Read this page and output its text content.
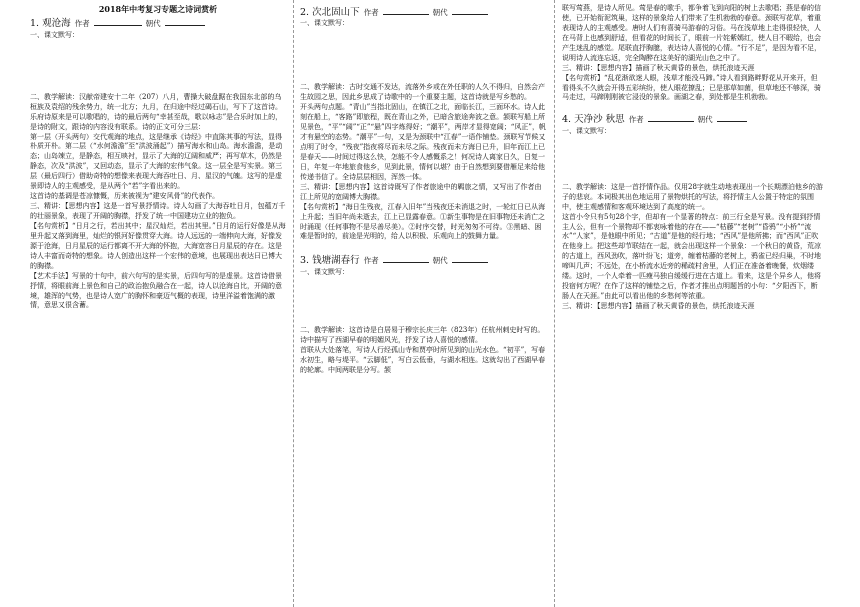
2018年中考复习专题之诗词赏析
1. 观沧海 作者	朝代

一、课文默写：

二、教学解读：汉献帝建安十二年（207）八月，曹操大破盘踞在我国东北部的乌桓族及袁绍的残余势力，统一北方；九月，在归途中经过碣石山，写下了这首诗。乐府诗原来是可以歌唱的，诗的最后两句“幸甚至哉，歌以咏志”是合乐时加上的，是诗的附文，跟诗的内容没有联系。诗的正文可分三层：

第一层（开头两句）交代观海的地点，这是继承《诗经》中直陈其事的写法，显得朴质开朴。第二层（“水何澹澹”至“洪波涌起”）描写海水和山岛。海水澹澹，是动态；山岛竦立，是静态，相互映衬，显示了大海的辽阔和威严；再写草木，仍然是静态，次及“洪波”，又回动态，显示了大海的宏伟气象。这一层全是写实景。第三层（最后四行）借助奇特的想像来表现大海吞吐日、月、星汉的气魄。这写的是虚景即诗人的主观感受，是从两个“若”字看出来的。

这首诗的基调是苍凉慷慨，历来被视为“建安风骨”的代表作。

三、精讲：【思想内容】这是一首写景抒情诗。诗人勾画了大海吞吐日月，包蕴万千的壮丽景象，表现了开阔的胸襟，抒发了统一中国建功立业的抱负。

【名句赏析】“日月之行，若出其中；星汉灿烂，若出其里。”日月的运行好像是从海里升起又落到海里，灿烂的银河好像贯穿大海。诗人远远的一端伸向大海，好像发源于沧海，日月星辰的运行都离不开大海的怀抱，大海宽容日月星辰的存在。这是诗人丰富而奇特的想象。诗人创造出这样一个宏伟的意境，也展现出表达曰已博大的胸襟。

【艺术手法】写景的十句中，前六句写的是实景，后四句写的是虚景。这首诗借景抒情，将眼前海上景色和自己的政治抱负融合在一起，诗人以沧海自比，开阔的意境，雄浑的气势，也是诗人宽广的胸怀和豪迈气概的表现，诗里洋溢着饱满的激情，意思又很含蓄。

2. 次北固山下 作者	朝代

一、课文默写：

二、教学解读：古时交通不发达，流落外乡或在外任职的人久不得归，自然会产生故园之思，因此乡思成了诗歌中的一个重要主题，这首诗就是写乡愁的。

开头两句点题。“青山”当指北固山，在镇江之北，面临长江，三面环水。诗人此刻在船上，“客路”即旅程，既在青山之外，已暗含旅途奔波之意。颔联写船上所见景色，“平”“阔”“正”“悬”四字炼得好；“潮平”，两岸才显得宽阔；“风正”，帆才有悬空的态势。“潮平”一句，又是为颈联中“江春”一语作铺垫。颈联写节候又点明了时令，“残夜”指夜将尽而未尽之际。残夜而未方海日已升，旧年而江上已是春天——时间过得这么快，怎能不令人感慨系之！何况诗人离家日久，日复一日，年复一年地旅食他乡，见到此景，情何以堪？由于自然想到要借雁足来给他传递书信了。全诗层层相因，浑然一体。

三、精讲：【思想内容】这首诗既写了作者旅途中的羁旅之情，又写出了作者由江上所见的宽阔博大胸襟。

【名句赏析】“海日生残夜，江春入旧年”当残夜还未消退之时，一轮红日已从海上升起；当旧年尚未逝去，江上已显露春意。①新生事物是在旧事物还未消亡之时涌现（任何事物不是尽善尽美）。②时序交替，时光匆匆不可待。③黑暗、困难是暂时的，前途是光明的，给人以积极、乐观向上的鼓舞力量。

3. 钱塘湖春行 作者	朝代

一、课文默写：

二、教学解读：这首诗是白居易于穆宗长庆三年（823年）任杭州刺史时写的。诗中描写了西湖早春的明媚风光，抒发了诗人喜悦的感情。

首联从大处落笔，写诗人行经孤山寺和贾亭时所见到的山光水色。“初平”，写春水初生，略与堤平。“云脚低”，写白云低垂，与湖水相连。这就勾出了西湖早春的轮廓。中间两联是分写。颔

联写莺燕，是诗人所见。莺是春的歌手，都争着飞到向阳的树上去歌唱；燕是春的信使，已开始衔泥筑巢，这样的景象给人们带来了生机勃勃的春意。颈联写花草，着重表现诗人的主观感受。唐时人们有喜骑马游春的习俗。马在浅草地上走得很轻快，人在马背上也感到舒适，但看花的时间长了，眼前一片姹紫嫣红，使人目不暇给，也会产生迷乱的感觉。尾联直抒胸臆，表达诗人喜悦的心情。“行不足”，是因为看不足，说明诗人流连忘返，完全陶醉在这美好的湖光山色之中了。

三、精讲：【思想内容】描画了秋天黄昏的景色，烘托浪迹天涯

【名句赏析】“乱花渐欲迷人眼，浅草才能没马蹄。”诗人看到路畔野花从开来开，但看得头不久就会开得五彩缤纷，使人眼花撩乱；已是那草如菌，但草地还不够深，骑马走过，马蹄刚刚被它浸没的景象。画湖之春，到处都是生机勃勃。

4. 天净沙 秋思 作者	朝代

一、课文默写：

二、教学解读：这是一首抒情作品。仅用28字就生动地表现出一个长期漂泊他乡的游子的悲哀。本词极其出色地运用了景物烘托的写法，将抒情主人公置于特定的氛围中，使主观感情和客观环境达到了高度的统一。

这首小令只有5句28个字，但却有一个显著的特点：前三行全是写景。没有提到抒情主人公，但有一个景物却不都衷咏着他的存在——“枯藤”“老树”“昏鸦”“小桥”“流水”“人家”，是他眼中所见；“古道”是他的经行地；“西风”是他所拂；而“西风”正吹在他身上。把这些却节联结在一起，就会出现这样一个景象：一个秋日的黄昏，荒凉的古道上，西风劲吹，落叶纷飞；道旁，缠着枯藤的老树上，鸦雀已经归巢，不时地啼叫几声；不远处，在小桥流水近旁的稀疏村舍里，人们正在准备着晚餐，炊烟缕缕。这时，一个人牵着一匹瘦马独自缓缓行进在古道上。看来，这是个异乡人，他将投宿何方呢？在作了这样的铺垫之后，作者才推出点明题旨的小句：“夕阳西下，断肠人在天涯。”由此可以看出他的乡愁何等浓重。

三、精讲：【思想内容】描画了秋天黄昏的景色，烘托浪迹天涯
